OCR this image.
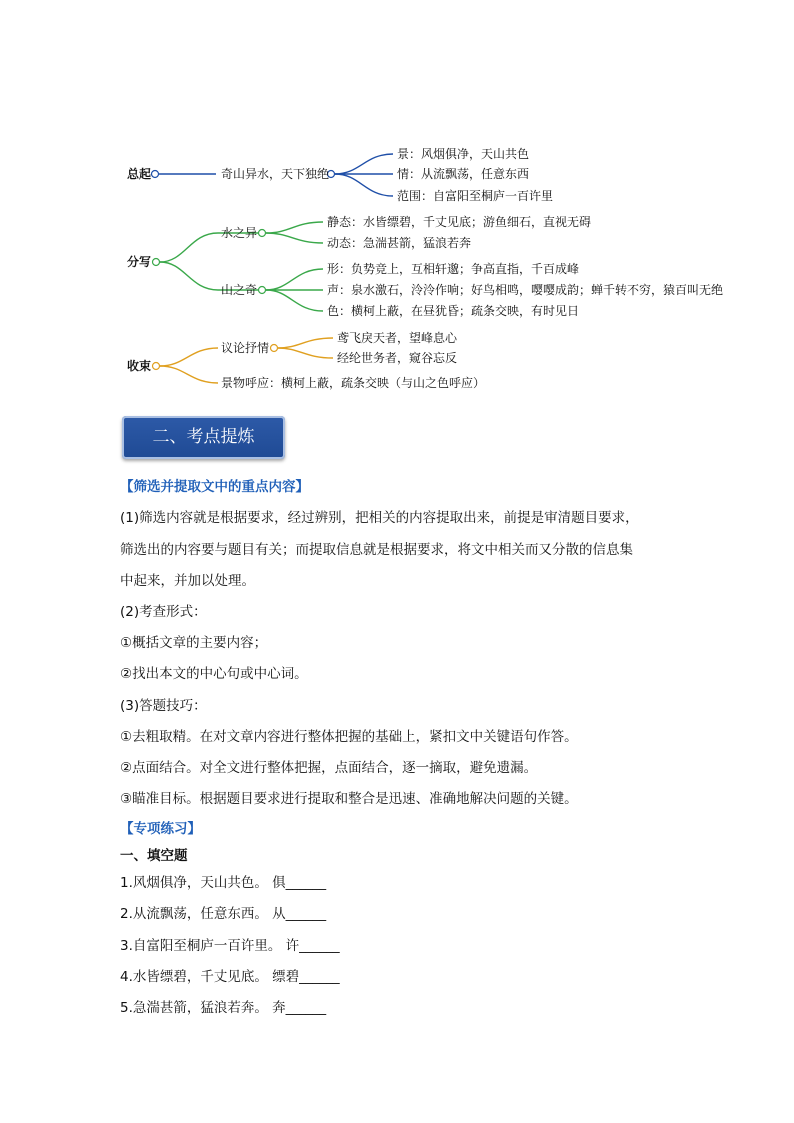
总起	奇山异水，天下独绝
景：风烟俱净，天山共色
情：从流飘荡，任意东西
范围：自富阳至桐庐一百许里
分写
水之异
山之奇
静态：水皆缥碧，千丈见底；游鱼细石，直视无碍
动态：急湍甚箭，猛浪若奔
形：负势竞上，互相轩邈；争高直指，千百成峰
声：泉水激石，泠泠作响；好鸟相鸣，嘤嘤成韵；蝉千转不穷，猿百叫无绝
色：横柯上蔽，在昼犹昏；疏条交映，有时见日
收束
议论抒情
景物呼应：横柯上蔽，疏条交映（与山之色呼应）
鸢飞戾天者，望峰息心
经纶世务者，窥谷忘反
二、考点提炼
【筛选并提取文中的重点内容】
(1)筛选内容就是根据要求，经过辨别，把相关的内容提取出来，前提是审清题目要求，
筛选出的内容要与题目有关；而提取信息就是根据要求，将文中相关而又分散的信息集
中起来，并加以处理。
(2)考查形式：
①概括文章的主要内容；
②找出本文的中心句或中心词。
(3)答题技巧：
①去粗取精。在对文章内容进行整体把握的基础上，紧扣文中关键语句作答。
②点面结合。对全文进行整体把握，点面结合，逐一摘取，避免遗漏。
③瞄准目标。根据题目要求进行提取和整合是迅速、准确地解决问题的关键。
【专项练习】
一、填空题
1.风烟俱净，天山共色。 俱______
2.从流飘荡，任意东西。 从______
3.自富阳至桐庐一百许里。 许______
4.水皆缥碧，千丈见底。 缥碧______
5.急湍甚箭，猛浪若奔。 奔______
